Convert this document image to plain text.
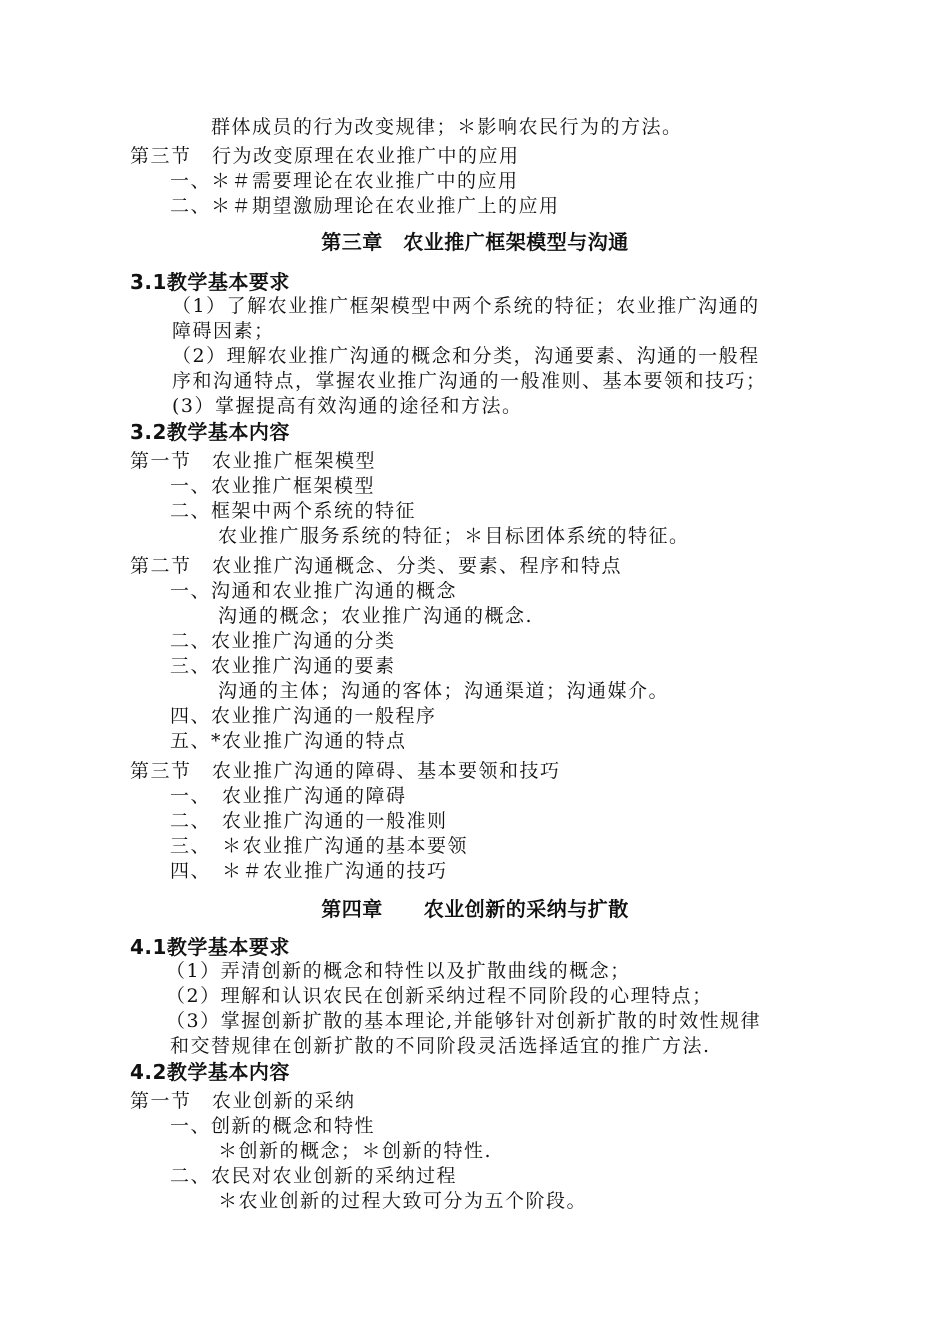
群体成员的行为改变规律；＊影响农民行为的方法。
第三节　行为改变原理在农业推广中的应用
一、＊＃需要理论在农业推广中的应用
二、＊＃期望激励理论在农业推广上的应用
第三章　农业推广框架模型与沟通
3.1教学基本要求
（1）了解农业推广框架模型中两个系统的特征；农业推广沟通的
障碍因素；
（2）理解农业推广沟通的概念和分类，沟通要素、沟通的一般程
序和沟通特点，掌握农业推广沟通的一般准则、基本要领和技巧；
(3）掌握提高有效沟通的途径和方法。
3.2教学基本内容
第一节　农业推广框架模型
一、农业推广框架模型
二、框架中两个系统的特征
农业推广服务系统的特征；＊目标团体系统的特征。
第二节　农业推广沟通概念、分类、要素、程序和特点
一、沟通和农业推广沟通的概念
沟通的概念；农业推广沟通的概念.
二、农业推广沟通的分类
三、农业推广沟通的要素
沟通的主体；沟通的客体；沟通渠道；沟通媒介。
四、农业推广沟通的一般程序
五、*农业推广沟通的特点
第三节　农业推广沟通的障碍、基本要领和技巧
一、　农业推广沟通的障碍
二、　农业推广沟通的一般准则
三、　＊农业推广沟通的基本要领
四、　＊＃农业推广沟通的技巧
第四章　　农业创新的采纳与扩散
4.1教学基本要求
（1）弄清创新的概念和特性以及扩散曲线的概念；
（2）理解和认识农民在创新采纳过程不同阶段的心理特点；
（3）掌握创新扩散的基本理论,并能够针对创新扩散的时效性规律
和交替规律在创新扩散的不同阶段灵活选择适宜的推广方法.
4.2教学基本内容
第一节　农业创新的采纳
一、创新的概念和特性
＊创新的概念；＊创新的特性.
二、农民对农业创新的采纳过程
＊农业创新的过程大致可分为五个阶段。
